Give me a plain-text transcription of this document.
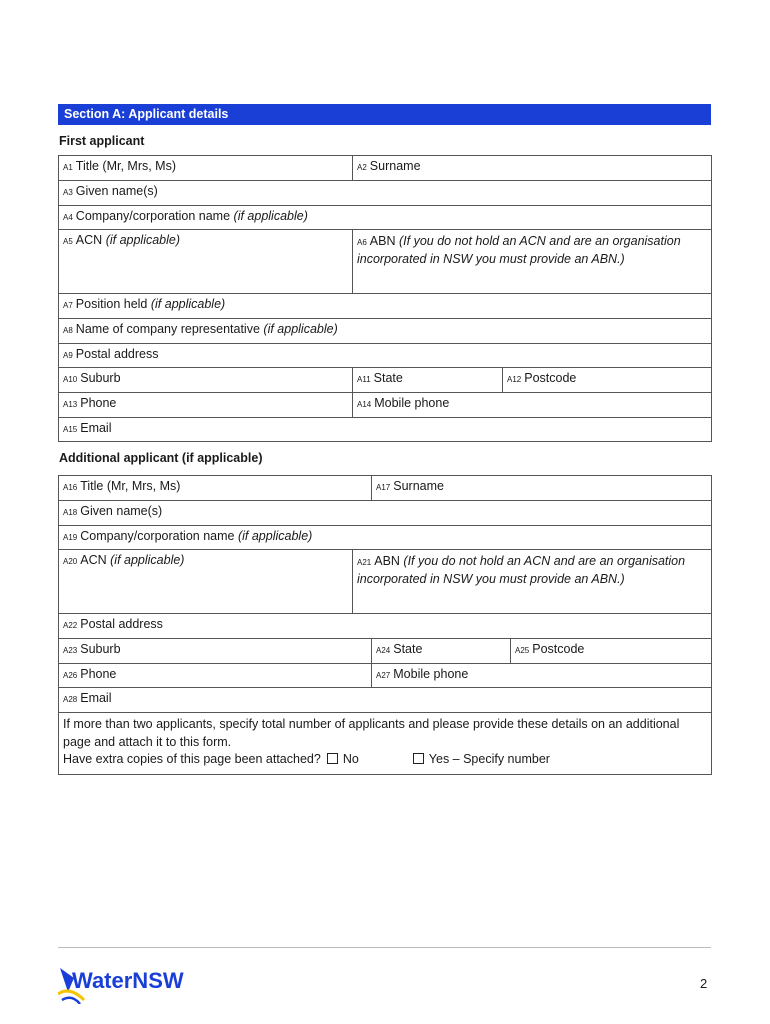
Section A: Applicant details
First applicant
A1 Title (Mr, Mrs, Ms)	A2 Surname	
A3 Given name(s)		
A4 Company/corporation name (if applicable)		
A5 ACN (if applicable)	A6 ABN (If you do not hold an ACN and are an organisation incorporated in NSW you must provide an ABN.)	
A7 Position held (if applicable)		
A8 Name of company representative (if applicable)		
A9 Postal address		
A10 Suburb	A11 State	A12 Postcode
A13 Phone	A14 Mobile phone	
A15 Email		
Additional applicant (if applicable)
A16 Title (Mr, Mrs, Ms)		A17 Surname	
A18 Given name(s)			
A19 Company/corporation name (if applicable)			
A20 ACN (if applicable)	A21 ABN (If you do not hold an ACN and are an organisation incorporated in NSW you must provide an ABN.)		
A22 Postal address			
A23 Suburb		A24 State	A25 Postcode
A26 Phone		A27 Mobile phone	
A28 Email			

If more than two applicants, specify total number of applicants and please provide these details on an additional page and attach it to this form.
Have extra copies of this page been attached? No Yes – Specify number			
WaterNSW	2
